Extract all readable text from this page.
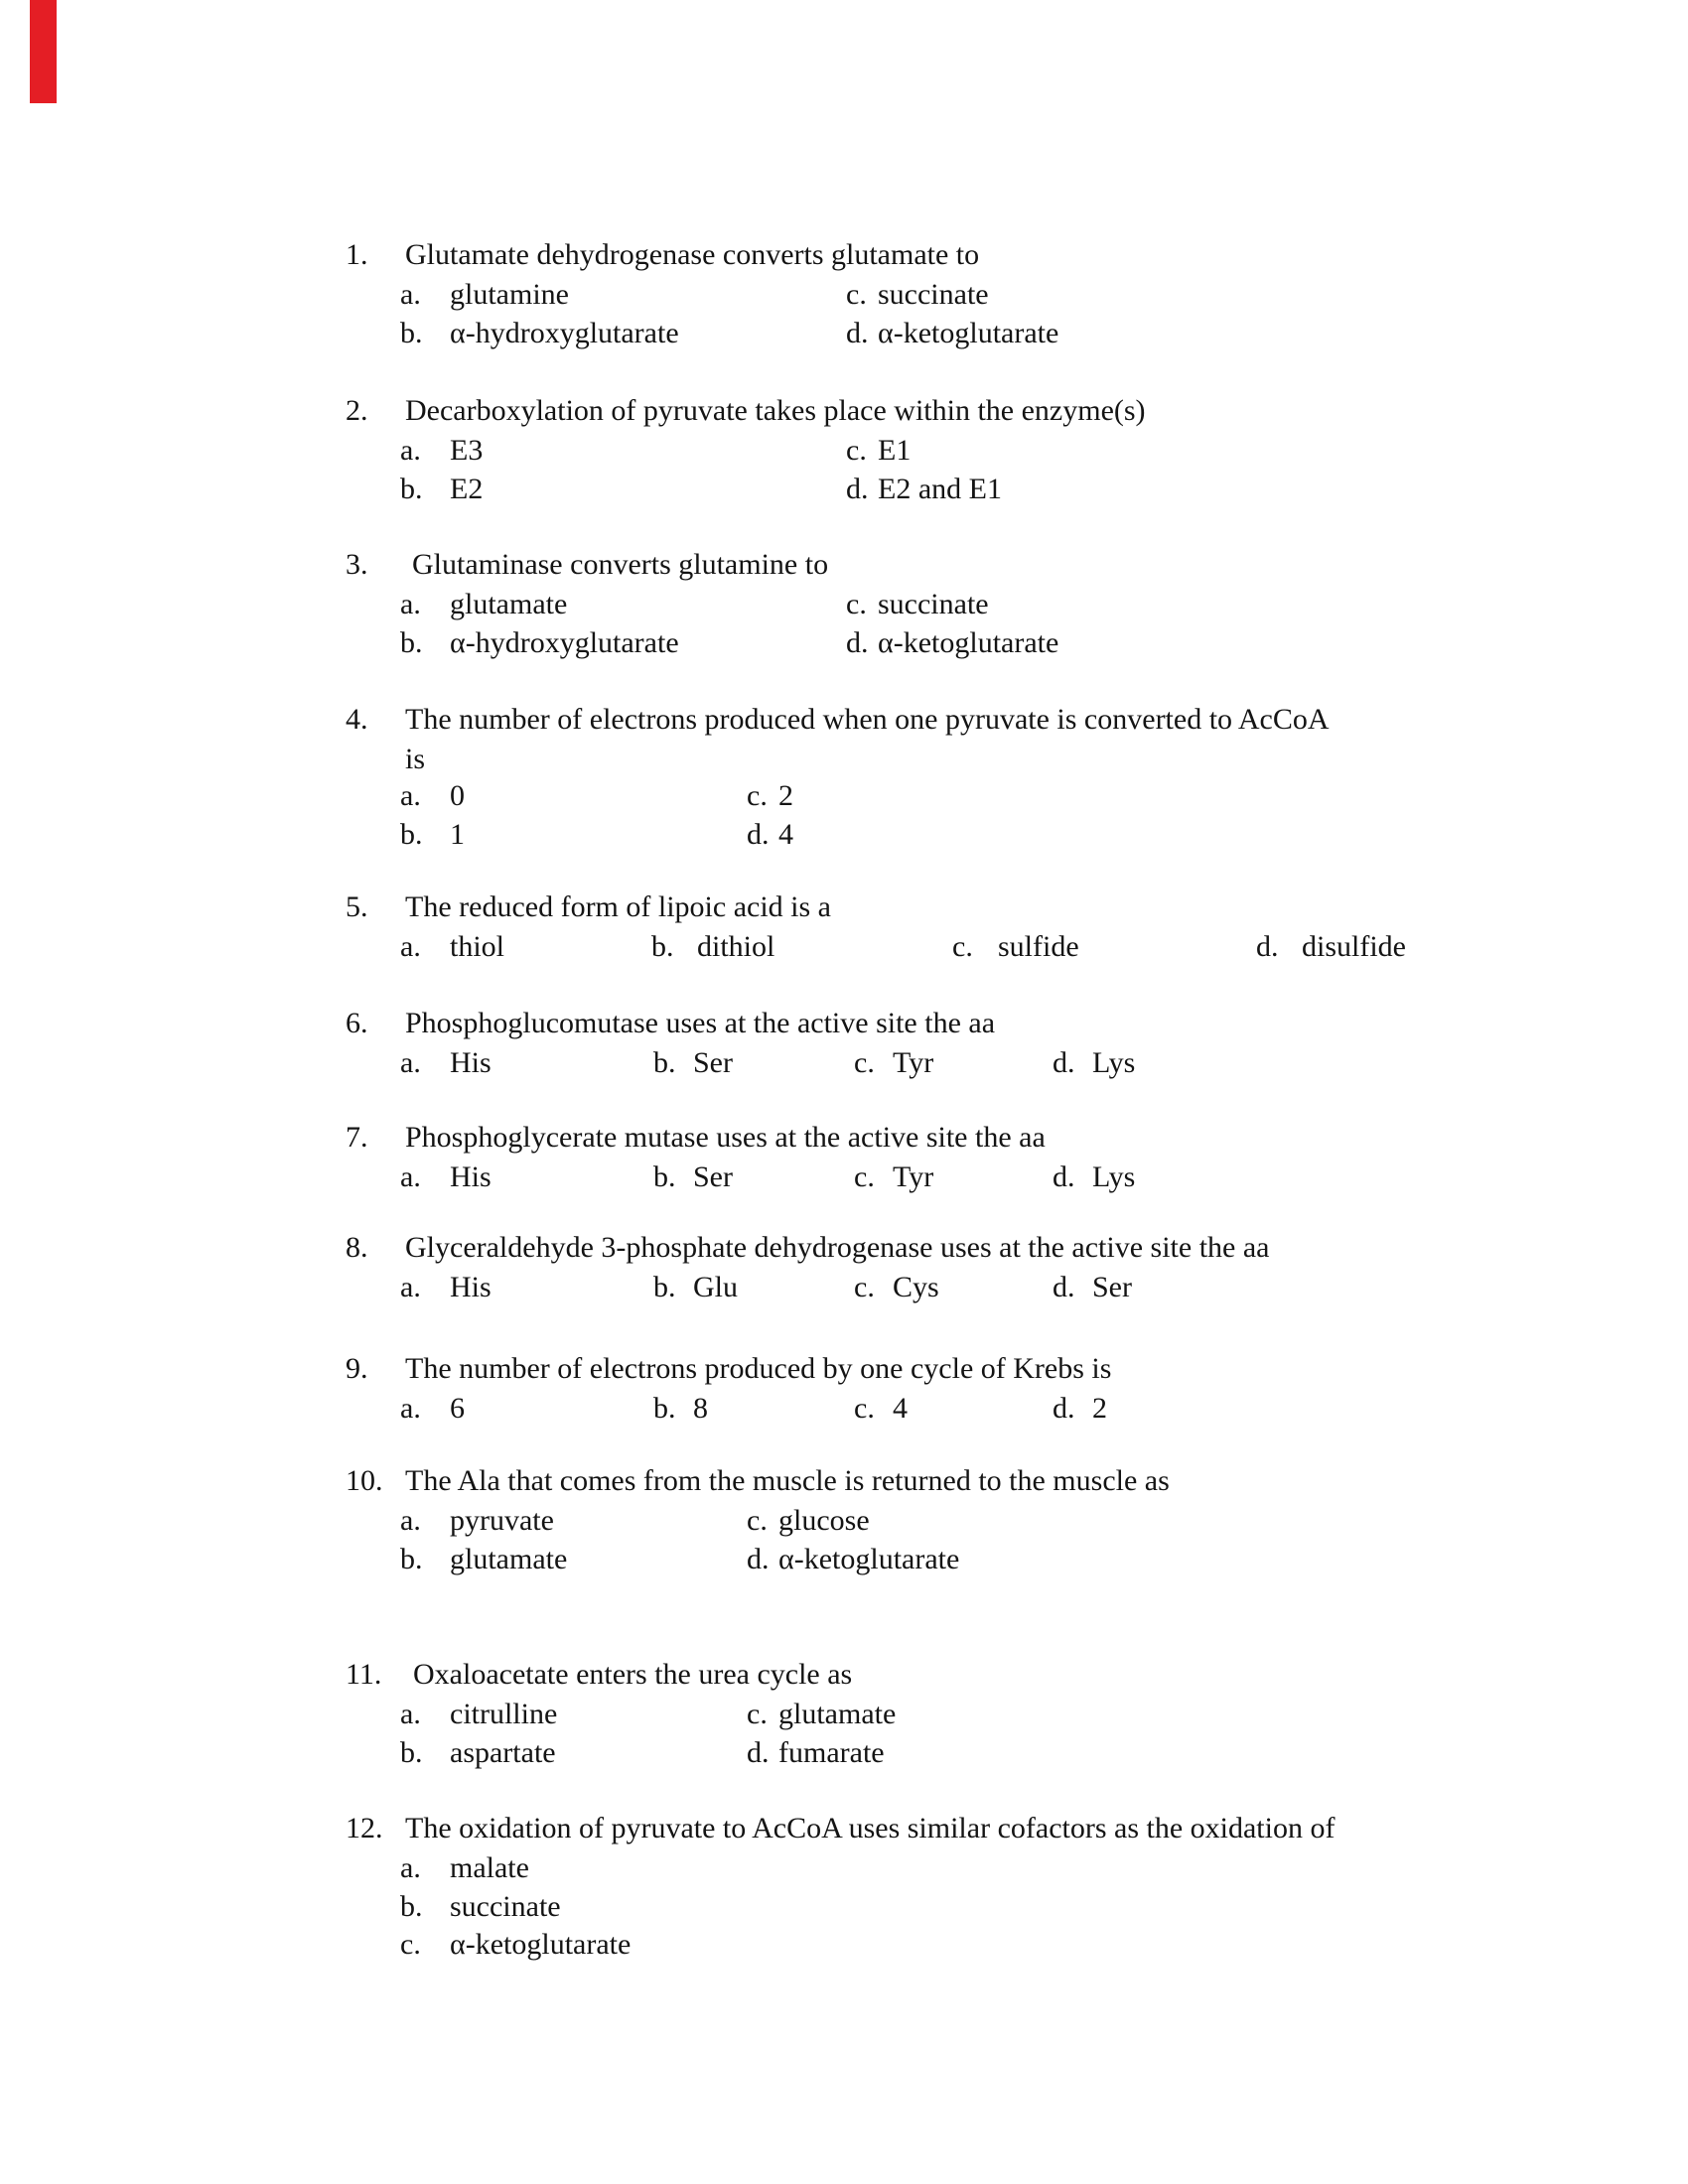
1. Glutamate dehydrogenase converts glutamate to
a. glutamine
b. α-hydroxyglutarate
c. succinate
d. α-ketoglutarate
2. Decarboxylation of pyruvate takes place within the enzyme(s)
a. E3
b. E2
c. E1
d. E2 and E1
3. Glutaminase converts glutamine to
a. glutamate
b. α-hydroxyglutarate
c. succinate
d. α-ketoglutarate
4. The number of electrons produced when one pyruvate is converted to AcCoA
is
a. 0
b. 1
c. 2
d. 4
5. The reduced form of lipoic acid is a
a. thiol	b. dithiol	c. sulfide	d. disulfide
6. Phosphoglucomutase uses at the active site the aa
a. His	b. Ser	c. Tyr	d. Lys
7. Phosphoglycerate mutase uses at the active site the aa
a. His	b. Ser	c. Tyr	d. Lys
8. Glyceraldehyde 3-phosphate dehydrogenase uses at the active site the aa
a. His	b. Glu	c. Cys	d. Ser
9. The number of electrons produced by one cycle of Krebs is
a. 6	b. 8	c. 4	d. 2
10. The Ala that comes from the muscle is returned to the muscle as
a. pyruvate
b. glutamate
c. glucose
d. α-ketoglutarate
11. Oxaloacetate enters the urea cycle as
a. citrulline
b. aspartate
c. glutamate
d. fumarate
12. The oxidation of pyruvate to AcCoA uses similar cofactors as the oxidation of
a. malate
b. succinate
c. α-ketoglutarate
